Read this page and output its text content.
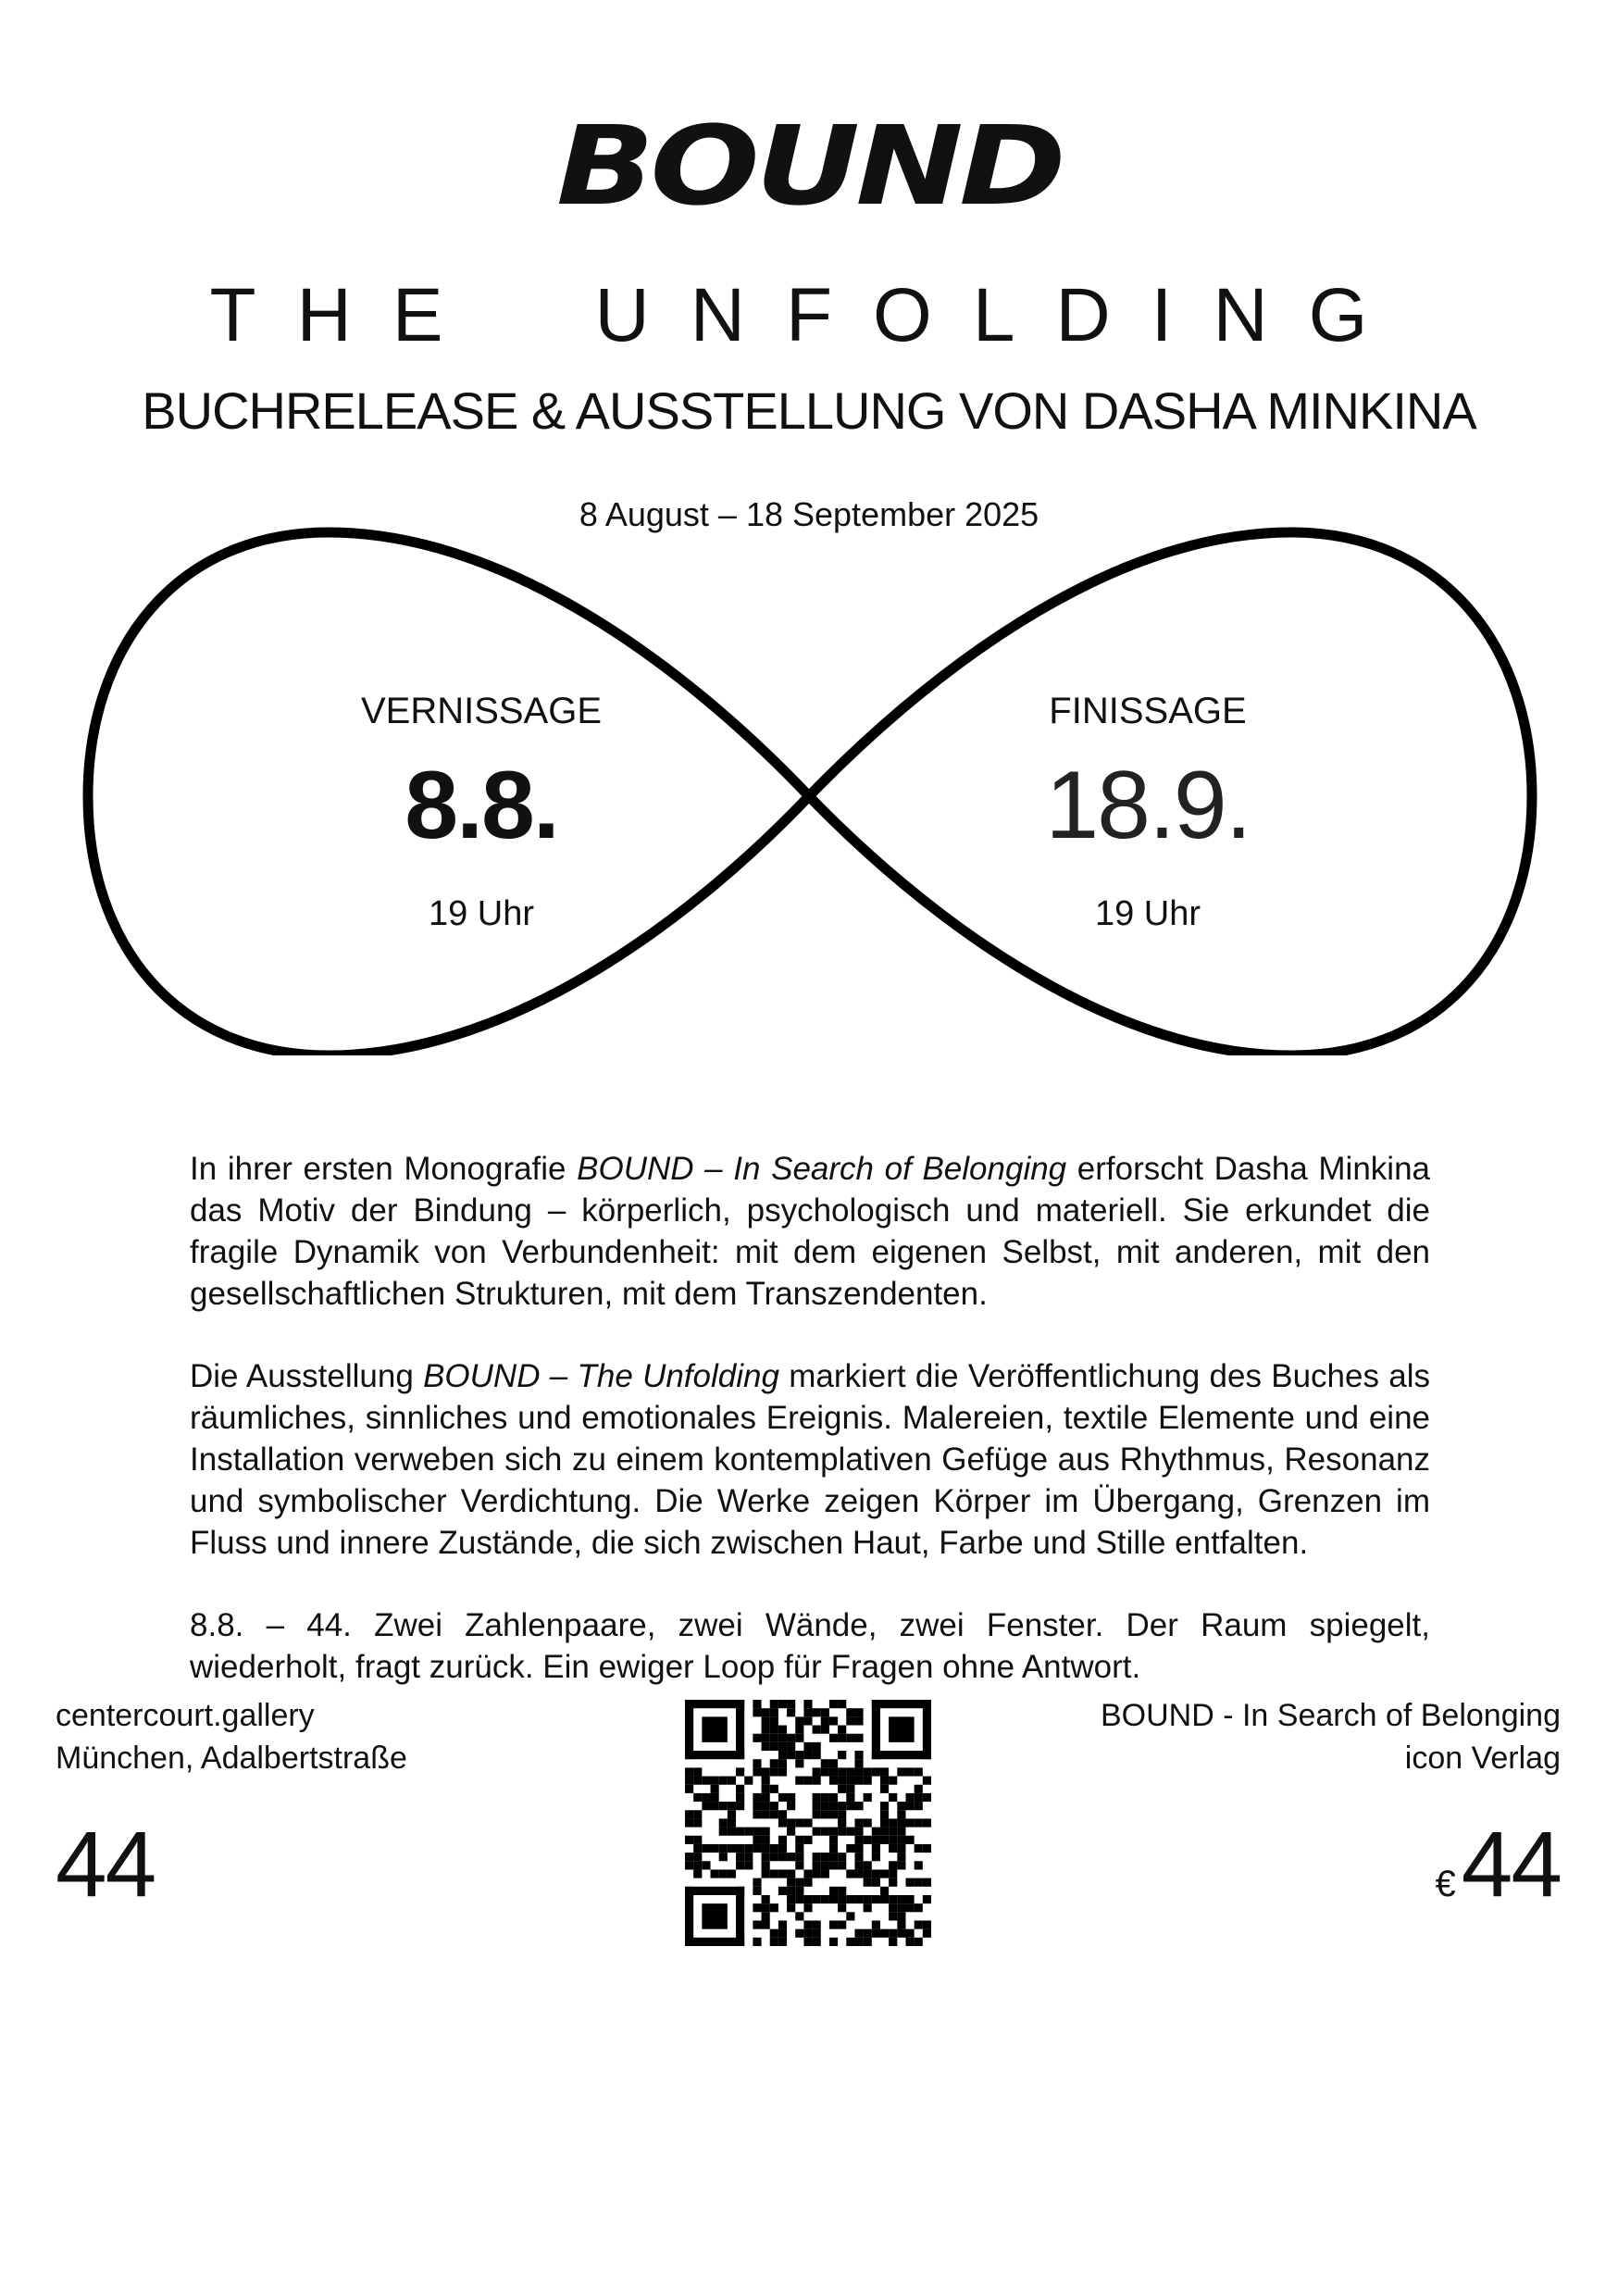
BOUND
THE UNFOLDING
BUCHRELEASE & AUSSTELLUNG VON DASHA MINKINA
8 August – 18 September 2025
VERNISSAGE
8.8.
19 Uhr
FINISSAGE
18.9.
19 Uhr

In ihrer ersten Monografie BOUND – In Search of Belonging erforscht Dasha Minkina das Motiv der Bindung – körperlich, psychologisch und materiell. Sie erkundet die fragile Dynamik von Verbundenheit: mit dem eigenen Selbst, mit anderen, mit den gesellschaftlichen Strukturen, mit dem Transzendenten.

Die Ausstellung BOUND – The Unfolding markiert die Veröffentlichung des Buches als räumliches, sinnliches und emotionales Ereignis. Malereien, textile Elemente und eine Installation verweben sich zu einem kontemplativen Gefüge aus Rhythmus, Resonanz und symbolischer Verdichtung. Die Werke zeigen Körper im Übergang, Grenzen im Fluss und innere Zustände, die sich zwischen Haut, Farbe und Stille entfalten.

8.8. – 44. Zwei Zahlenpaare, zwei Wände, zwei Fenster. Der Raum spiegelt, wiederholt, fragt zurück. Ein ewiger Loop für Fragen ohne Antwort.

centercourt.gallery
München, Adalbertstraße
44
BOUND - In Search of Belonging
icon Verlag
€44
